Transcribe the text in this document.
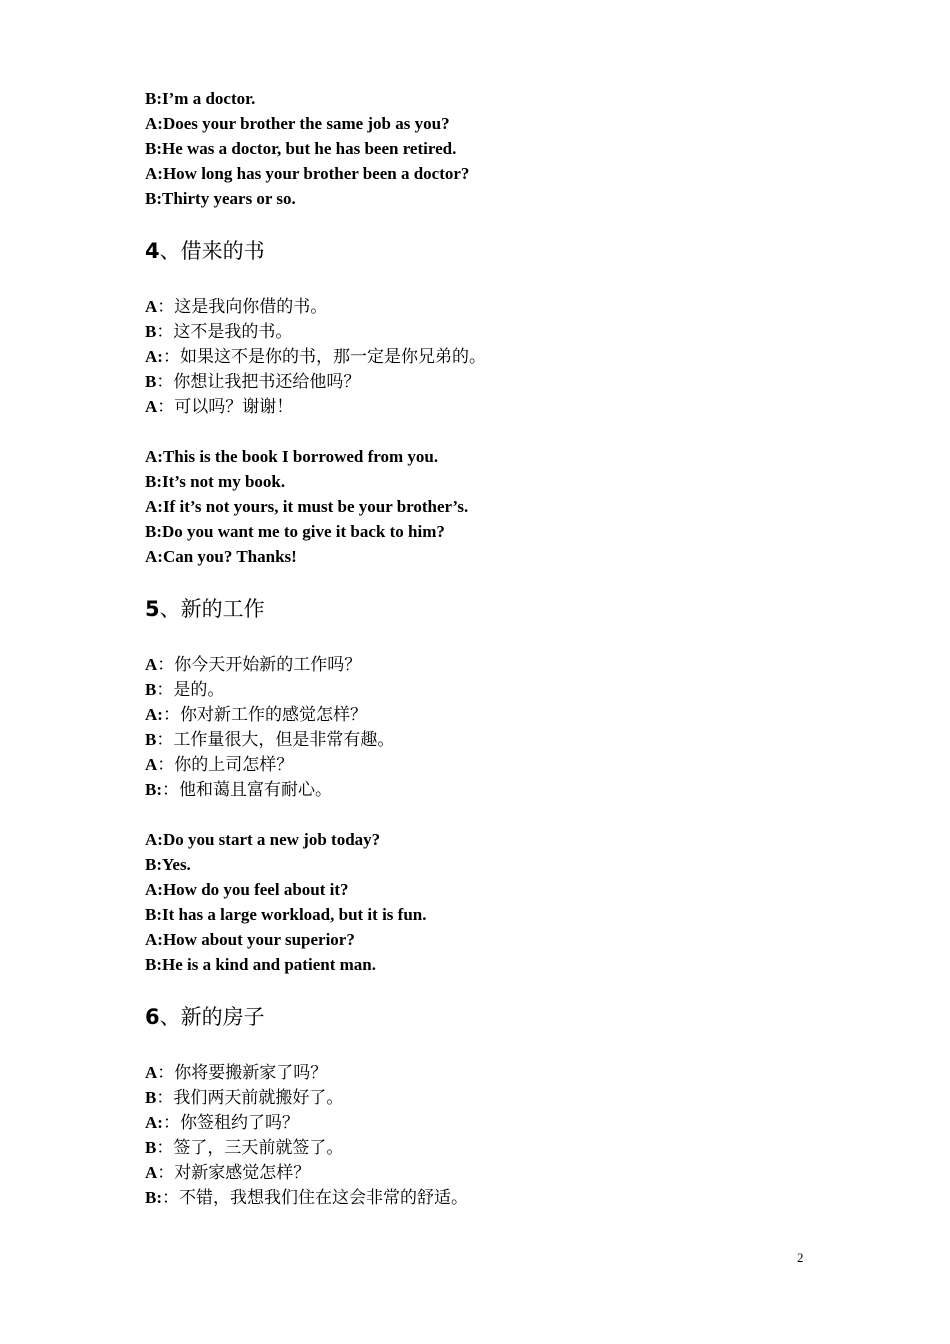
B:I’m a doctor.
A:Does your brother the same job as you?
B:He was a doctor, but he has been retired.
A:How long has your brother been a doctor?
B:Thirty years or so.
4、借来的书
A：这是我向你借的书。
B：这不是我的书。
A:：如果这不是你的书，那一定是你兄弟的。
B：你想让我把书还给他吗？
A：可以吗？谢谢！
A:This is the book I borrowed from you.
B:It’s not my book.
A:If it’s not yours, it must be your brother’s.
B:Do you want me to give it back to him?
A:Can you? Thanks!
5、新的工作
A：你今天开始新的工作吗？
B：是的。
A:：你对新工作的感觉怎样？
B：工作量很大，但是非常有趣。
A：你的上司怎样？
B:：他和蔼且富有耐心。
A:Do you start a new job today?
B:Yes.
A:How do you feel about it?
B:It has a large workload, but it is fun.
A:How about your superior?
B:He is a kind and patient man.
6、新的房子
A：你将要搬新家了吗？
B：我们两天前就搬好了。
A:：你签租约了吗？
B：签了，三天前就签了。
A：对新家感觉怎样？
B:：不错，我想我们住在这会非常的舒适。
2
